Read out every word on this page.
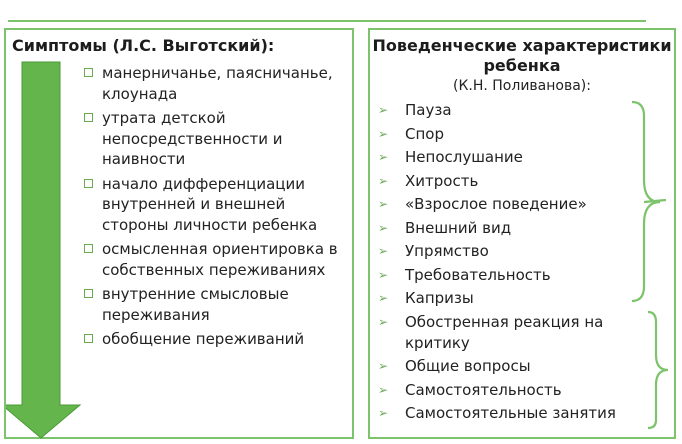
Симптомы (Л.С. Выготский):
манерничанье, паясничанье, клоунада
утрата детской непосредственности и наивности
начало дифференциации внутренней и внешней стороны личности ребенка
осмысленная ориентировка в собственных переживаниях
внутренние смысловые переживания
обобщение переживаний
Поведенческие характеристики ребенка
(К.Н. Поливанова):
➢ Пауза
➢ Спор
➢ Непослушание
➢ Хитрость
➢ «Взрослое поведение»
➢ Внешний вид
➢ Упрямство
➢ Требовательность
➢ Капризы
➢ Обостренная реакция на критику
➢ Общие вопросы
➢ Самостоятельность
➢ Самостоятельные занятия
